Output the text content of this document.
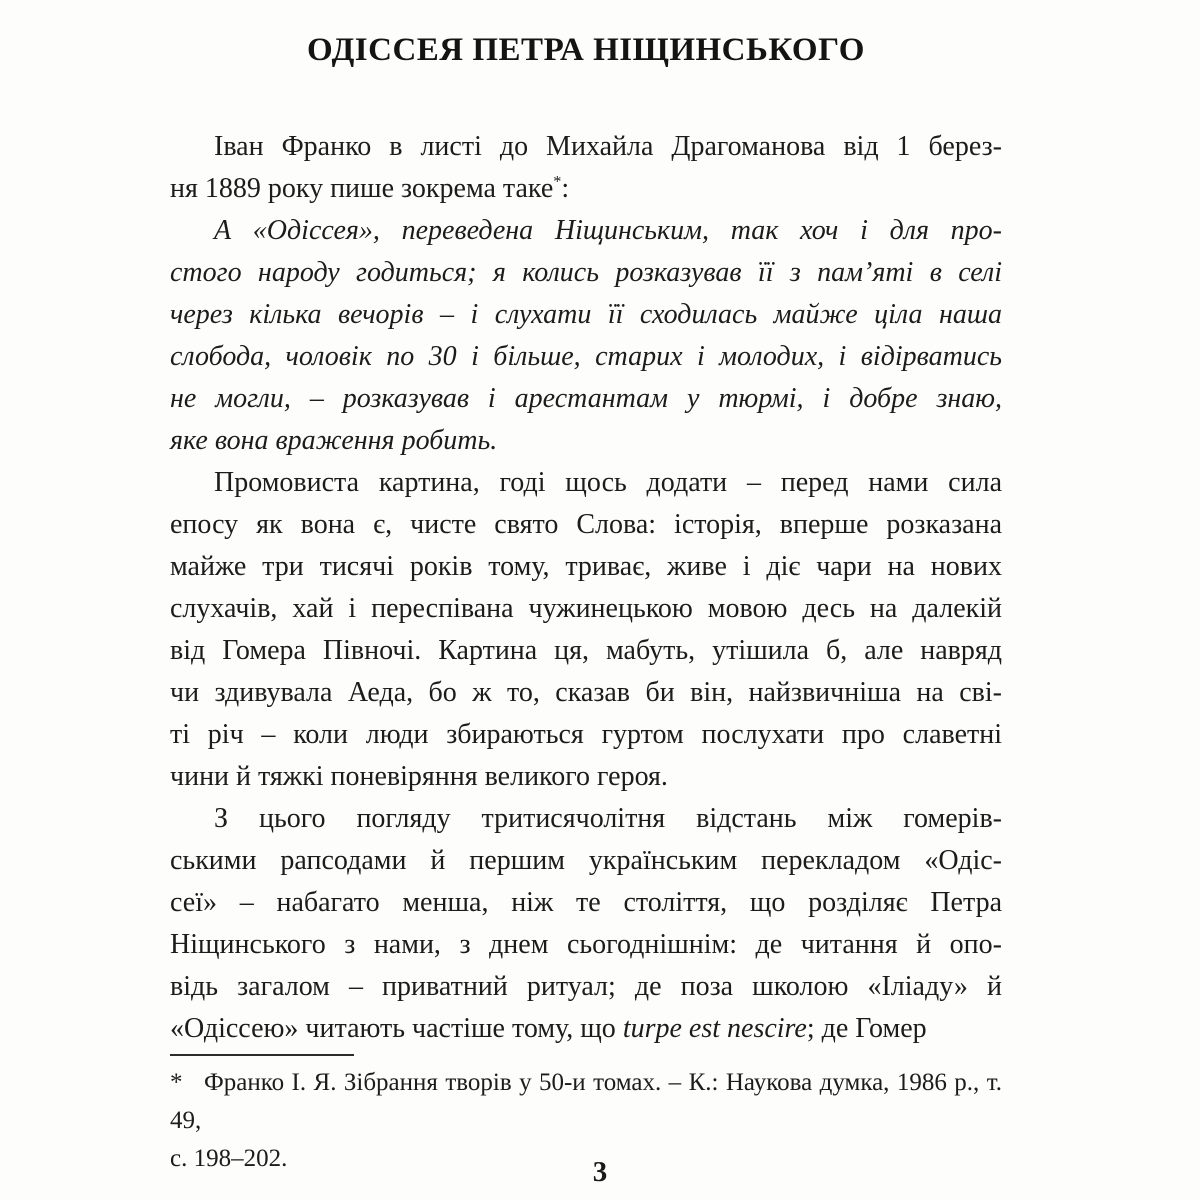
ОДІССЕЯ ПЕТРА НІЩИНСЬКОГО
Іван Франко в листі до Михайла Драгоманова від 1 берез-
ня 1889 року пише зокрема таке*:
А «Одіссея», переведена Ніщинським, так хоч і для про-
стого народу годиться; я колись розказував її з пам’яті в селі
через кілька вечорів – і слухати її сходилась майже ціла наша
слобода, чоловік по 30 і більше, старих і молодих, і відірватись
не могли, – розказував і арестантам у тюрмі, і добре знаю,
яке вона враження робить.
Промовиста картина, годі щось додати – перед нами сила
епосу як вона є, чисте свято Слова: історія, вперше розказана
майже три тисячі років тому, триває, живе і діє чари на нових
слухачів, хай і переспівана чужинецькою мовою десь на далекій
від Гомера Півночі. Картина ця, мабуть, утішила б, але навряд
чи здивувала Аеда, бо ж то, сказав би він, найзвичніша на сві-
ті річ – коли люди збираються гуртом послухати про славетні
чини й тяжкі поневіряння великого героя.
З цього погляду тритисячолітня відстань між гомерів-
ськими рапсодами й першим українським перекладом «Одіс-
сеї» – набагато менша, ніж те століття, що розділяє Петра
Ніщинського з нами, з днем сьогоднішнім: де читання й опо-
відь загалом – приватний ритуал; де поза школою «Іліаду» й
«Одіссею» читають частіше тому, що turpe est nescire; де Гомер
* Франко І. Я. Зібрання творів у 50-и томах. – К.: Наукова думка, 1986 р., т. 49,
с. 198–202.	3
